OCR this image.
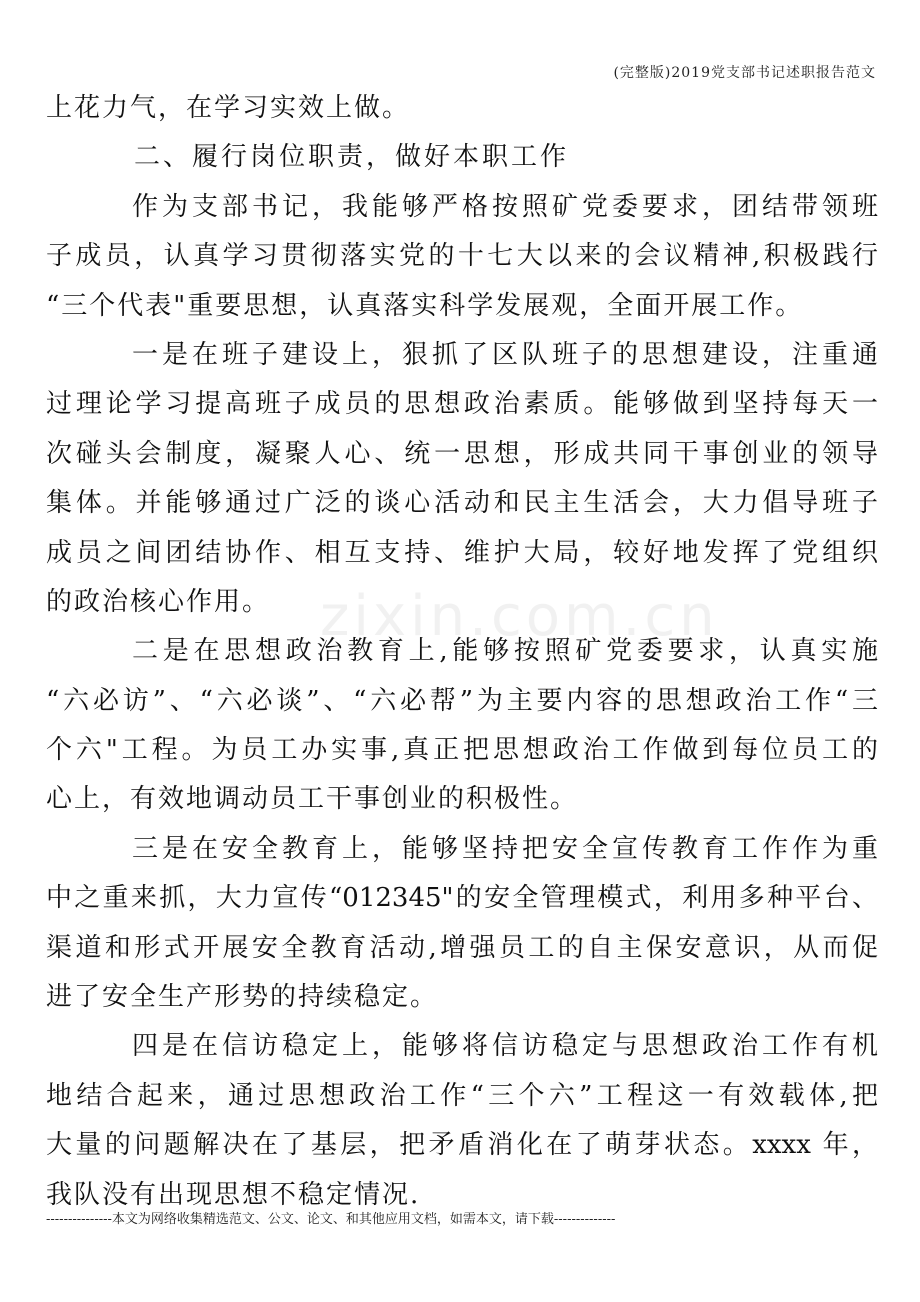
(完整版)2019党支部书记述职报告范文
zixin.com.cn
上花力气，在学习实效上做。
二、履行岗位职责，做好本职工作
作为支部书记，我能够严格按照矿党委要求，团结带领班
子成员，认真学习贯彻落实党的十七大以来的会议精神,积极践行
“三个代表"重要思想，认真落实科学发展观，全面开展工作。
一是在班子建设上，狠抓了区队班子的思想建设，注重通
过理论学习提高班子成员的思想政治素质。能够做到坚持每天一
次碰头会制度，凝聚人心、统一思想，形成共同干事创业的领导
集体。并能够通过广泛的谈心活动和民主生活会，大力倡导班子
成员之间团结协作、相互支持、维护大局，较好地发挥了党组织
的政治核心作用。
二是在思想政治教育上,能够按照矿党委要求，认真实施
“六必访”、“六必谈”、“六必帮”为主要内容的思想政治工作“三
个六"工程。为员工办实事,真正把思想政治工作做到每位员工的
心上，有效地调动员工干事创业的积极性。
三是在安全教育上，能够坚持把安全宣传教育工作作为重
中之重来抓，大力宣传“012345"的安全管理模式，利用多种平台、
渠道和形式开展安全教育活动,增强员工的自主保安意识，从而促
进了安全生产形势的持续稳定。
四是在信访稳定上，能够将信访稳定与思想政治工作有机
地结合起来，通过思想政治工作“三个六”工程这一有效载体,把
大量的问题解决在了基层，把矛盾消化在了萌芽状态。xxxx 年，
我队没有出现思想不稳定情况.
---------------本文为网络收集精选范文、公文、论文、和其他应用文档，如需本文，请下载--------------
